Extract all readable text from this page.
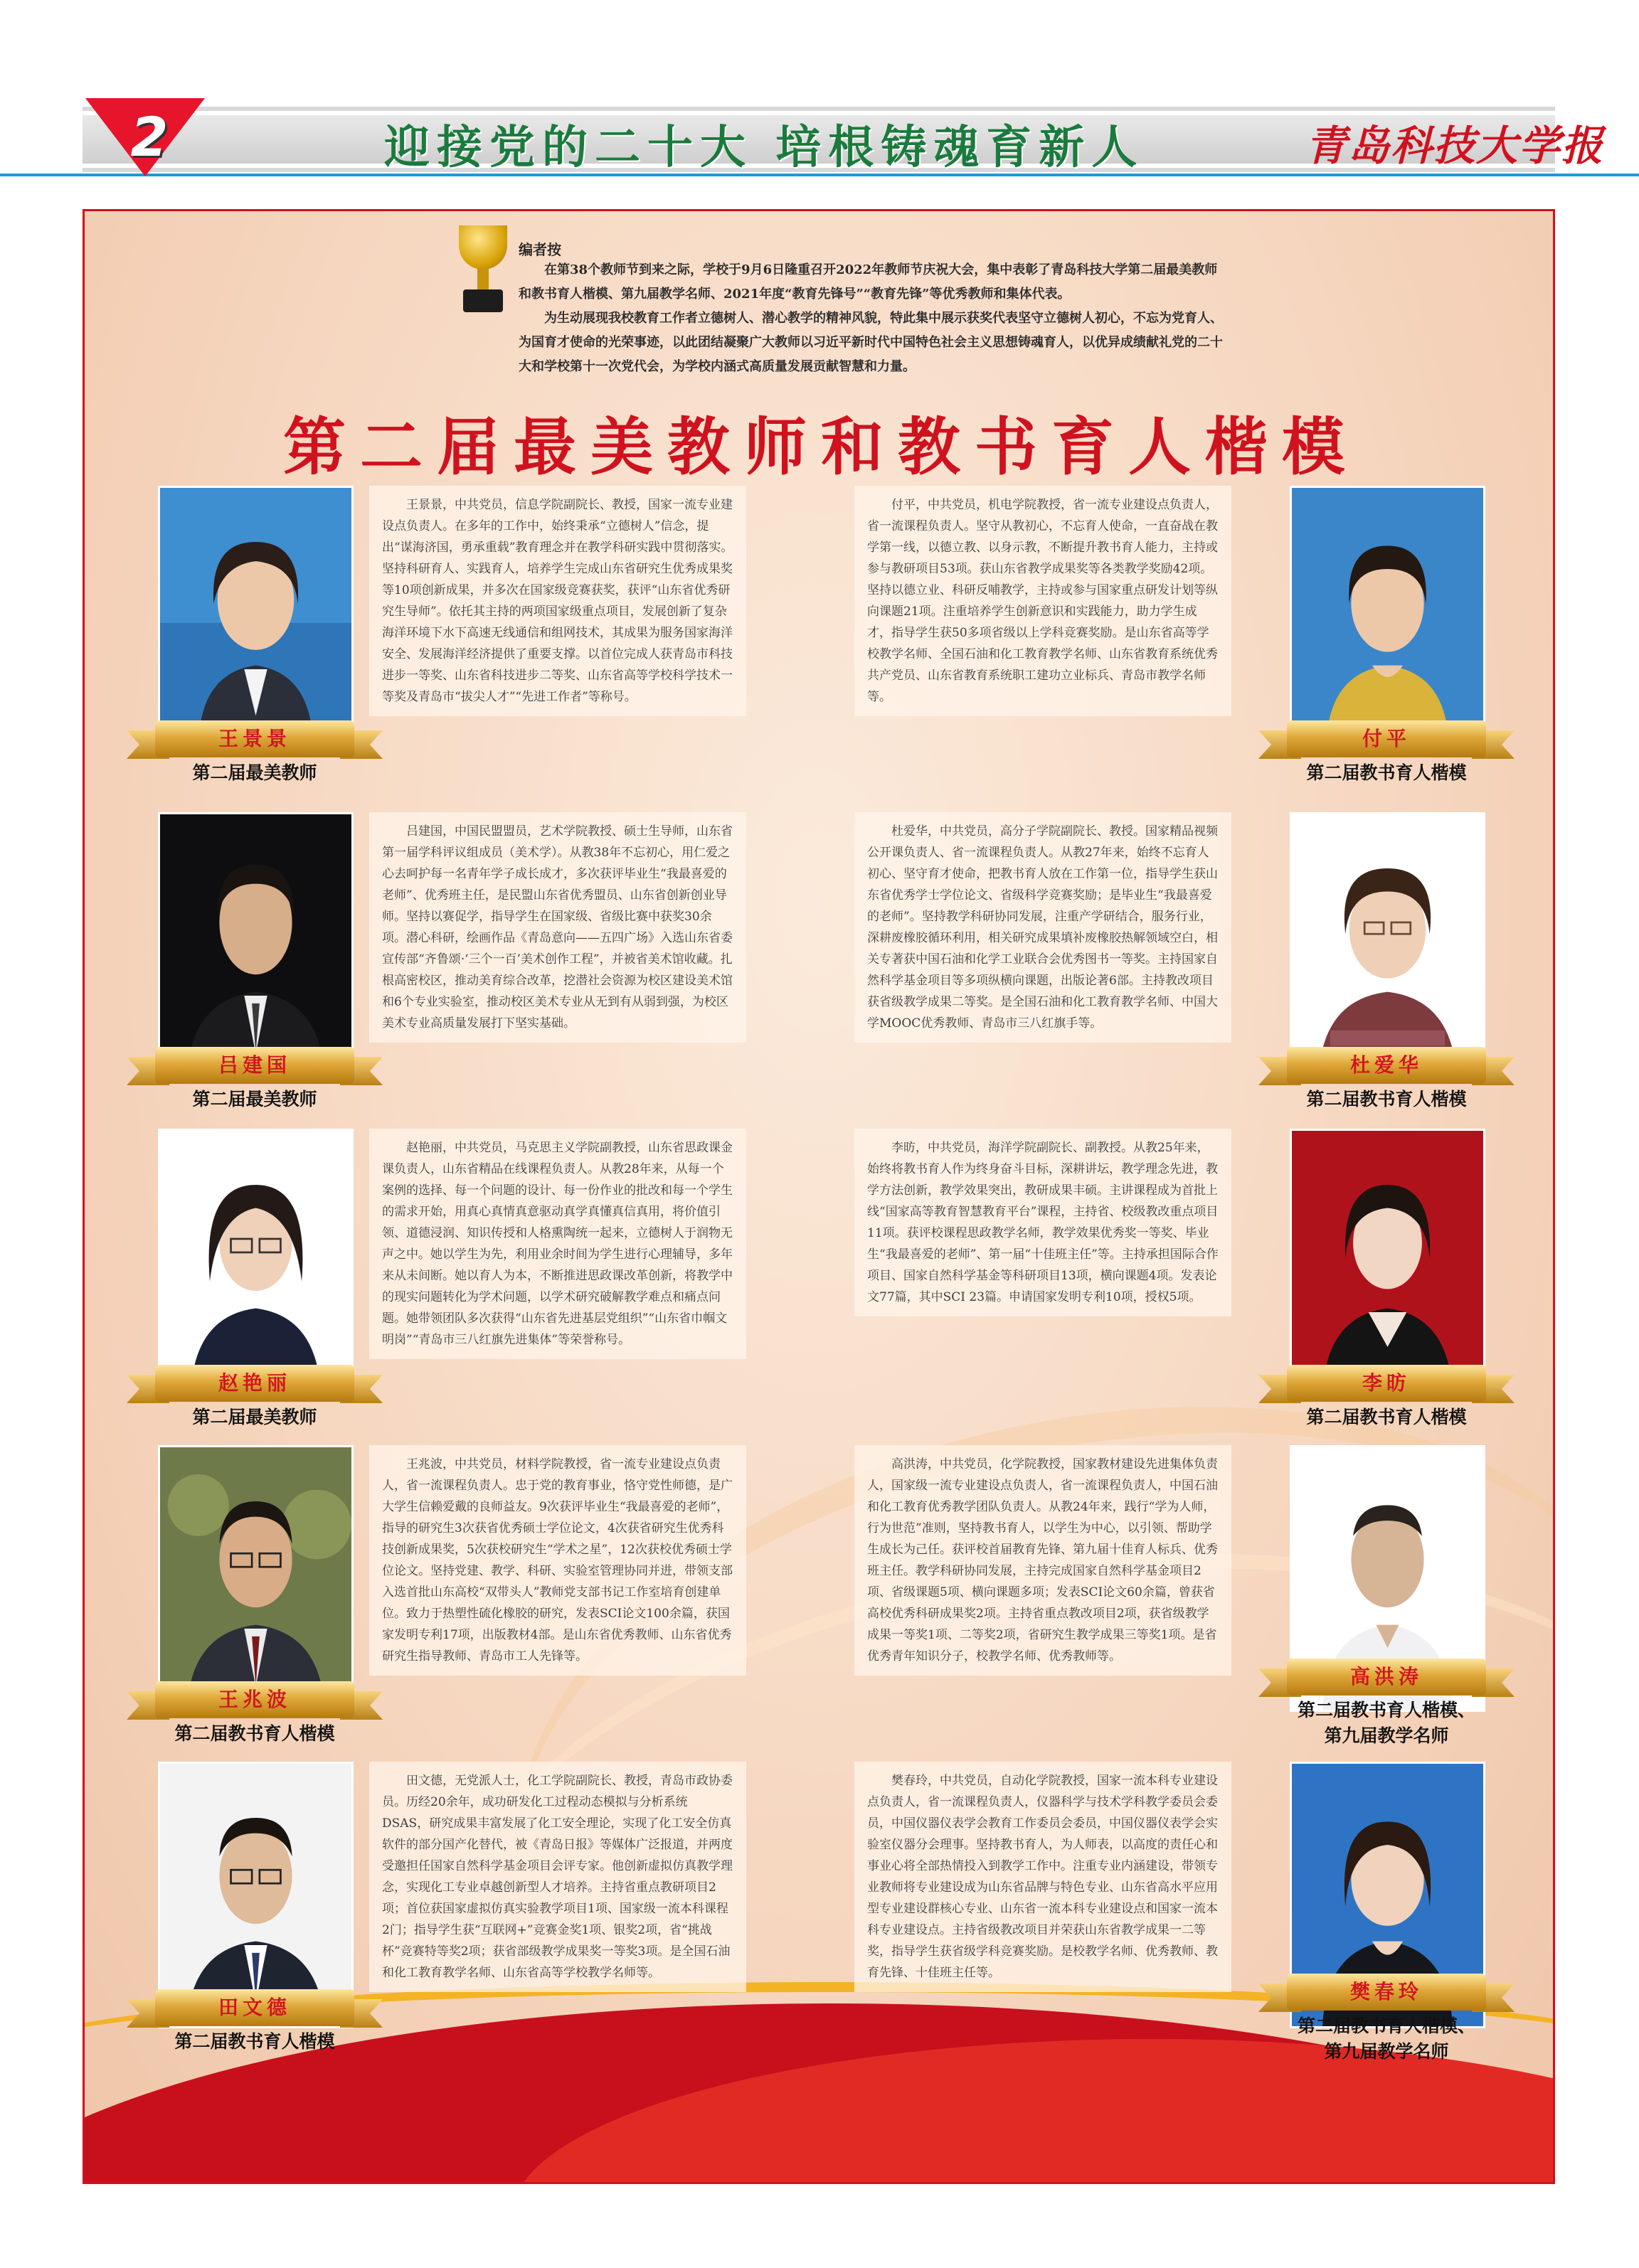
2	迎接党的二十大 培根铸魂育新人	青岛科技大学报
编者按

在第38个教师节到来之际，学校于9月6日隆重召开2022年教师节庆祝大会，集中表彰了青岛科技大学第二届最美教师和教书育人楷模、第九届教学名师、2021年度“教育先锋号”“教育先锋”等优秀教师和集体代表。

为生动展现我校教育工作者立德树人、潜心教学的精神风貌，特此集中展示获奖代表坚守立德树人初心，不忘为党育人、为国育才使命的光荣事迹，以此团结凝聚广大教师以习近平新时代中国特色社会主义思想铸魂育人，以优异成绩献礼党的二十大和学校第十一次党代会，为学校内涵式高质量发展贡献智慧和力量。

第二届最美教师和教书育人楷模
王景景
第二届最美教师
王景景，中共党员，信息学院副院长、教授，国家一流专业建设点负责人。在多年的工作中，始终秉承“立德树人”信念，提出“谋海济国，勇承重载”教育理念并在教学科研实践中贯彻落实。坚持科研育人、实践育人，培养学生完成山东省研究生优秀成果奖等10项创新成果，并多次在国家级竞赛获奖，获评“山东省优秀研究生导师”。依托其主持的两项国家级重点项目，发展创新了复杂海洋环境下水下高速无线通信和组网技术，其成果为服务国家海洋安全、发展海洋经济提供了重要支撑。以首位完成人获青岛市科技进步一等奖、山东省科技进步二等奖、山东省高等学校科学技术一等奖及青岛市“拔尖人才”“先进工作者”等称号。
付平，中共党员，机电学院教授，省一流专业建设点负责人，省一流课程负责人。坚守从教初心，不忘育人使命，一直奋战在教学第一线，以德立教、以身示教，不断提升教书育人能力，主持或参与教研项目53项。获山东省教学成果奖等各类教学奖励42项。坚持以德立业、科研反哺教学，主持或参与国家重点研发计划等纵向课题21项。注重培养学生创新意识和实践能力，助力学生成才，指导学生获50多项省级以上学科竞赛奖励。是山东省高等学校教学名师、全国石油和化工教育教学名师、山东省教育系统优秀共产党员、山东省教育系统职工建功立业标兵、青岛市教学名师等。
付平
第二届教书育人楷模
吕建国
第二届最美教师
吕建国，中国民盟盟员，艺术学院教授、硕士生导师，山东省第一届学科评议组成员（美术学）。从教38年不忘初心，用仁爱之心去呵护每一名青年学子成长成才，多次获评毕业生“我最喜爱的老师”、优秀班主任，是民盟山东省优秀盟员、山东省创新创业导师。坚持以赛促学，指导学生在国家级、省级比赛中获奖30余项。潜心科研，绘画作品《青岛意向——五四广场》入选山东省委宣传部“齐鲁颂·‘三个一百’美术创作工程”，并被省美术馆收藏。扎根高密校区，推动美育综合改革，挖潜社会资源为校区建设美术馆和6个专业实验室，推动校区美术专业从无到有从弱到强，为校区美术专业高质量发展打下坚实基础。
杜爱华，中共党员，高分子学院副院长、教授。国家精品视频公开课负责人、省一流课程负责人。从教27年来，始终不忘育人初心、坚守育才使命，把教书育人放在工作第一位，指导学生获山东省优秀学士学位论文、省级科学竞赛奖励；是毕业生“我最喜爱的老师”。坚持教学科研协同发展，注重产学研结合，服务行业，深耕废橡胶循环利用，相关研究成果填补废橡胶热解领域空白，相关专著获中国石油和化学工业联合会优秀图书一等奖。主持国家自然科学基金项目等多项纵横向课题，出版论著6部。主持教改项目获省级教学成果二等奖。是全国石油和化工教育教学名师、中国大学MOOC优秀教师、青岛市三八红旗手等。
杜爱华
第二届教书育人楷模
赵艳丽
第二届最美教师
赵艳丽，中共党员，马克思主义学院副教授，山东省思政课金课负责人，山东省精品在线课程负责人。从教28年来，从每一个案例的选择、每一个问题的设计、每一份作业的批改和每一个学生的需求开始，用真心真情真意驱动真学真懂真信真用，将价值引领、道德浸润、知识传授和人格熏陶统一起来，立德树人于润物无声之中。她以学生为先，利用业余时间为学生进行心理辅导，多年来从未间断。她以育人为本，不断推进思政课改革创新，将教学中的现实问题转化为学术问题，以学术研究破解教学难点和痛点问题。她带领团队多次获得“山东省先进基层党组织”“山东省巾帼文明岗”“青岛市三八红旗先进集体”等荣誉称号。
李昉，中共党员，海洋学院副院长、副教授。从教25年来，始终将教书育人作为终身奋斗目标，深耕讲坛，教学理念先进，教学方法创新，教学效果突出，教研成果丰硕。主讲课程成为首批上线“国家高等教育智慧教育平台”课程，主持省、校级教改重点项目11项。获评校课程思政教学名师，教学效果优秀奖一等奖、毕业生“我最喜爱的老师”、第一届“十佳班主任”等。主持承担国际合作项目、国家自然科学基金等科研项目13项，横向课题4项。发表论文77篇，其中SCI 23篇。申请国家发明专利10项，授权5项。
李昉
第二届教书育人楷模
王兆波
第二届教书育人楷模
王兆波，中共党员，材料学院教授，省一流专业建设点负责人，省一流课程负责人。忠于党的教育事业，恪守党性师德，是广大学生信赖爱戴的良师益友。9次获评毕业生“我最喜爱的老师”，指导的研究生3次获省优秀硕士学位论文，4次获省研究生优秀科技创新成果奖，5次获校研究生“学术之星”，12次获校优秀硕士学位论文。坚持党建、教学、科研、实验室管理协同并进，带领支部入选首批山东高校“双带头人”教师党支部书记工作室培育创建单位。致力于热塑性硫化橡胶的研究，发表SCI论文100余篇，获国家发明专利17项，出版教材4部。是山东省优秀教师、山东省优秀研究生指导教师、青岛市工人先锋等。
高洪涛，中共党员，化学院教授，国家教材建设先进集体负责人，国家级一流专业建设点负责人，省一流课程负责人，中国石油和化工教育优秀教学团队负责人。从教24年来，践行“学为人师，行为世范”准则，坚持教书育人，以学生为中心，以引领、帮助学生成长为己任。获评校首届教育先锋、第九届十佳育人标兵、优秀班主任。教学科研协同发展，主持完成国家自然科学基金项目2项、省级课题5项、横向课题多项；发表SCI论文60余篇，曾获省高校优秀科研成果奖2项。主持省重点教改项目2项，获省级教学成果一等奖1项、二等奖2项，省研究生教学成果三等奖1项。是省优秀青年知识分子，校教学名师、优秀教师等。
高洪涛
第二届教书育人楷模、
第九届教学名师
田文德
第二届教书育人楷模
田文德，无党派人士，化工学院副院长、教授，青岛市政协委员。历经20余年，成功研发化工过程动态模拟与分析系统DSAS，研究成果丰富发展了化工安全理论，实现了化工安全仿真软件的部分国产化替代，被《青岛日报》等媒体广泛报道，并两度受邀担任国家自然科学基金项目会评专家。他创新虚拟仿真教学理念，实现化工专业卓越创新型人才培养。主持省重点教研项目2项；首位获国家虚拟仿真实验教学项目1项、国家级一流本科课程2门；指导学生获“互联网+”竞赛金奖1项、银奖2项，省“挑战杯”竞赛特等奖2项；获省部级教学成果奖一等奖3项。是全国石油和化工教育教学名师、山东省高等学校教学名师等。
樊春玲，中共党员，自动化学院教授，国家一流本科专业建设点负责人，省一流课程负责人，仪器科学与技术学科教学委员会委员，中国仪器仪表学会教育工作委员会委员，中国仪器仪表学会实验室仪器分会理事。坚持教书育人，为人师表，以高度的责任心和事业心将全部热情投入到教学工作中。注重专业内涵建设，带领专业教师将专业建设成为山东省品牌与特色专业、山东省高水平应用型专业建设群核心专业、山东省一流本科专业建设点和国家一流本科专业建设点。主持省级教改项目并荣获山东省教学成果一二等奖，指导学生获省级学科竞赛奖励。是校教学名师、优秀教师、教育先锋、十佳班主任等。
樊春玲
第二届教书育人楷模、
第九届教学名师
